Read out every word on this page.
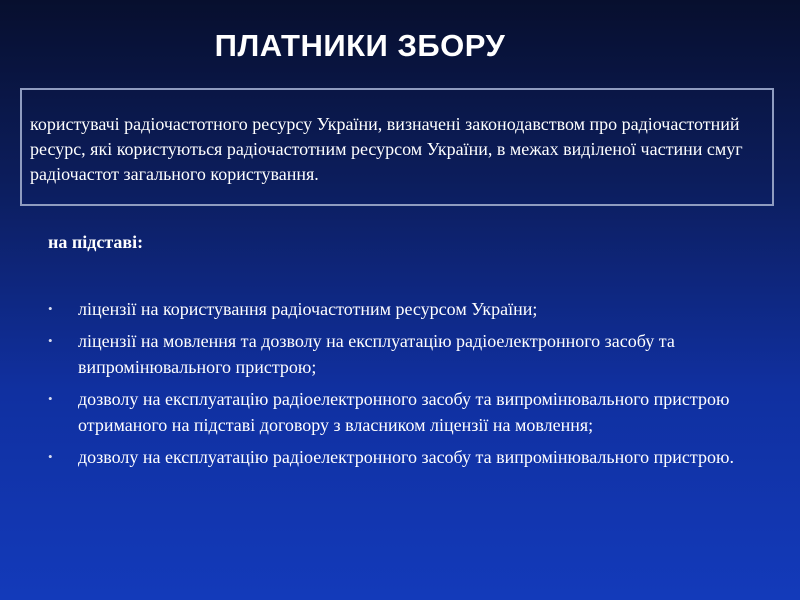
ПЛАТНИКИ ЗБОРУ
користувачі радіочастотного ресурсу України, визначені законодавством про радіочастотний ресурс, які користуються радіочастотним ресурсом України, в межах виділеної частини смуг радіочастот загального користування.
на підставі:
• ліцензії на користування радіочастотним ресурсом України;
• ліцензії на мовлення та дозволу на експлуатацію радіоелектронного засобу та випромінювального пристрою;
• дозволу на експлуатацію радіоелектронного засобу та випромінювального пристрою отриманого на підставі договору з власником ліцензії на мовлення;
• дозволу на експлуатацію радіоелектронного засобу та випромінювального пристрою.
